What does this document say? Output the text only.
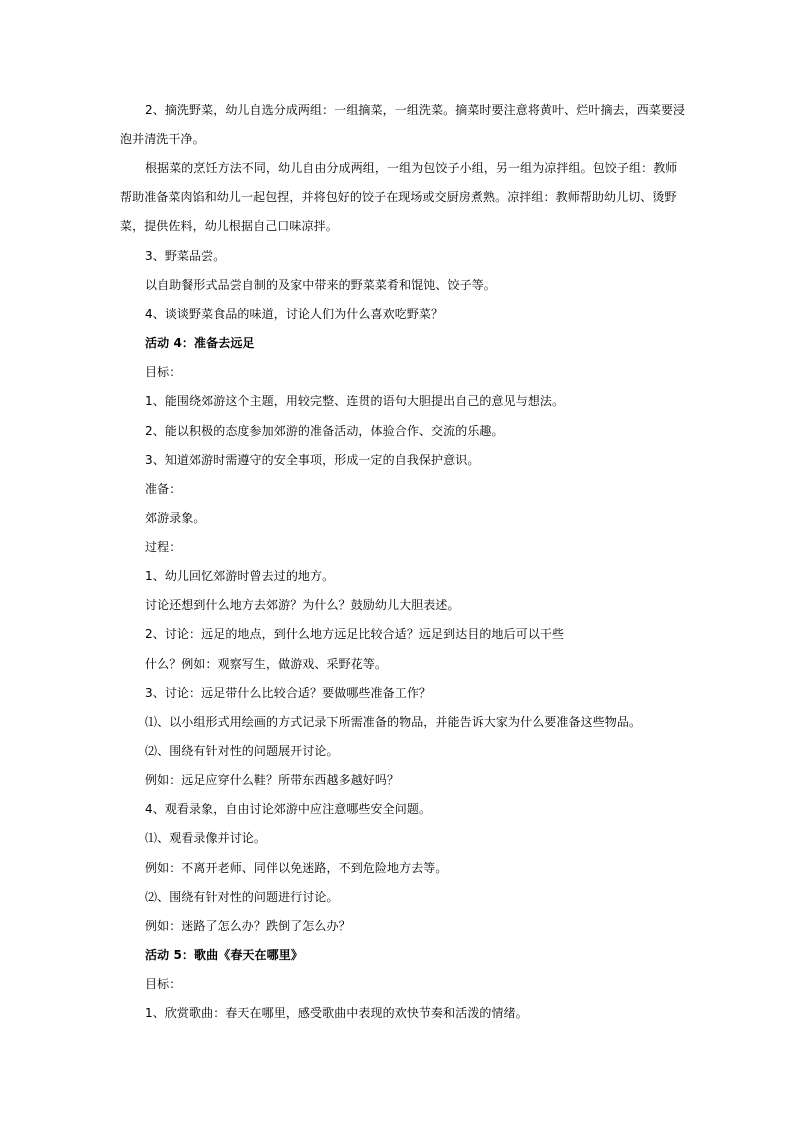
2、摘洗野菜，幼儿自选分成两组：一组摘菜，一组洗菜。摘菜时要注意将黄叶、烂叶摘去，西菜要浸
泡并清洗干净。
根据菜的烹饪方法不同，幼儿自由分成两组，一组为包饺子小组，另一组为凉拌组。包饺子组：教师
帮助准备菜肉馅和幼儿一起包捏，并将包好的饺子在现场或交厨房煮熟。凉拌组：教师帮助幼儿切、烫野
菜，提供佐料，幼儿根据自己口味凉拌。
3、野菜品尝。
以自助餐形式品尝自制的及家中带来的野菜菜肴和馄饨、饺子等。
4、谈谈野菜食品的味道，讨论人们为什么喜欢吃野菜？
活动 4：准备去远足
目标：
1、能围绕郊游这个主题，用较完整、连贯的语句大胆提出自己的意见与想法。
2、能以积极的态度参加郊游的准备活动，体验合作、交流的乐趣。
3、知道郊游时需遵守的安全事项，形成一定的自我保护意识。
准备：
郊游录象。
过程：
1、幼儿回忆郊游时曾去过的地方。
讨论还想到什么地方去郊游？为什么？鼓励幼儿大胆表述。
2、讨论：远足的地点，到什么地方远足比较合适？远足到达目的地后可以干些
什么？例如：观察写生，做游戏、采野花等。
3、讨论：远足带什么比较合适？要做哪些准备工作？
⑴、以小组形式用绘画的方式记录下所需准备的物品，并能告诉大家为什么要准备这些物品。
⑵、围绕有针对性的问题展开讨论。
例如：远足应穿什么鞋？所带东西越多越好吗？
4、观看录象，自由讨论郊游中应注意哪些安全问题。
⑴、观看录像并讨论。
例如：不离开老师、同伴以免迷路，不到危险地方去等。
⑵、围绕有针对性的问题进行讨论。
例如：迷路了怎么办？跌倒了怎么办？
活动 5：歌曲《春天在哪里》
目标：
1、欣赏歌曲：春天在哪里，感受歌曲中表现的欢快节奏和活泼的情绪。
